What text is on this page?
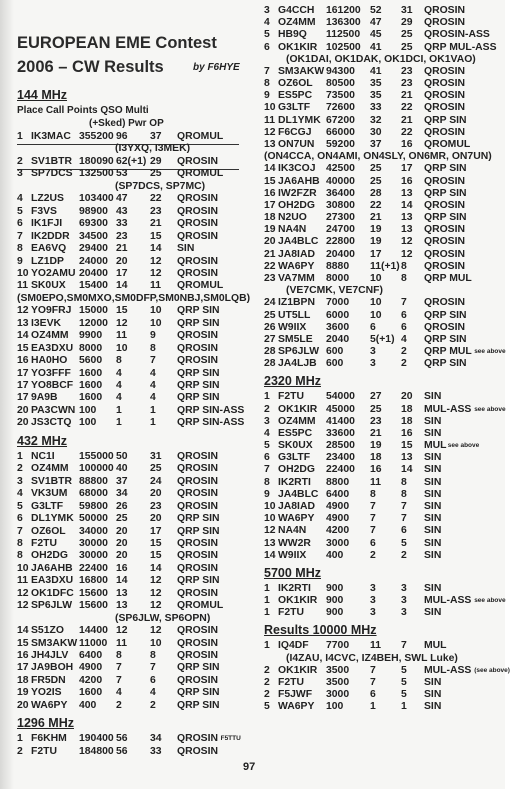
EUROPEAN EME Contest
2006 – CW Results	by F6HYE
144 MHz
Place Call Points QSO Multi
(+Sked) Pwr OP
1 IK3MAC 355200 96 37 QROMUL
(I3YXQ, I3MEK)
2 SV1BTR 180090 62(+1) 29 QROSIN
3 SP7DCS 132500 53 25 QROMUL
(SP7DCS, SP7MC)
4 LZ2US 103400 47 22 QROSIN
5 F3VS 98900 43 23 QROSIN
6 IK1FJI 69300 33 21 QROSIN
7 IK2DDR 34500 23 15 QROSIN
8 EA6VQ 29400 21 14 SIN
9 LZ1DP 24000 20 12 QROSIN
10 YO2AMU 20400 17 12 QROSIN
11 SK0UX 15400 14 11 QROMUL
(SM0EPO,SM0MXO,SM0DFP,SM0NBJ,SM0LQB)
12 YO9FRJ 15000 15 10 QRP SIN
13 I3EVK 12000 12 10 QRP SIN
14 OZ4MM 9900 11 9 QROSIN
15 EA3DXU 8000 10 8 QROSIN
16 HA0HO 5600 8	7 QROSIN
17 YO3FFF 1600 4	4 QRP SIN
17 YO8BCF 1600 4	4 QRP SIN
17 9A9B 1600 4	4 QRP SIN
20 PA3CWN 100 1	1 QRP SIN-ASS
20 JS3CTQ 100 1	1 QRP SIN-ASS
432 MHz
1 NC1I 155000 50 31 QROSIN
2 OZ4MM 100000 40 25 QROSIN
3 SV1BTR 88800 37 24 QROSIN
4 VK3UM 68000 34 20 QROSIN
5 G3LTF 59800 26 23 QROSIN
6 DL1YMK 50000 25 20 QRP SIN
7 OZ6OL 34000 20 17 QRP SIN
8 F2TU 30000 20 15 QROSIN
8 OH2DG 30000 20 15 QROSIN
10 JA6AHB 22400 16 14 QROSIN
11 EA3DXU 16800 14 12 QRP SIN
12 OK1DFC 15600 13 12 QROSIN
12 SP6JLW 15600 13 12 QROMUL
(SP6JLW, SP6OPN)
14 S51ZO 14400 12 12 QROSIN
15 SM3AKW 11000 11 10 QROSIN
16 JH4JLV 6400 8	8 QROSIN
17 JA9BOH 4900 7	7 QRP SIN
18 FR5DN 4200 7	6 QROSIN
19 YO2IS 1600 4	4 QRP SIN
20 WA6PY 400 2	2 QRP SIN
1296 MHz
1 F6KHM 190400 56 34 QROSIN F5TTU
2 F2TU 184800 56 33 QROSIN
3 G4CCH 161200 52 31 QROSIN
4 OZ4MM 136300 47 29 QROSIN
5 HB9Q 112500 45 25 QROSIN-ASS
6 OK1KIR 102500 41 25 QRP MUL-ASS
(OK1DAI, OK1DAK, OK1DCI, OK1VAO)
7 SM3AKW 94300 41 23 QROSIN
8 OZ6OL 80500 35 23 QROSIN
9 ES5PC 73500 35 21 QROSIN
10 G3LTF 72600 33 22 QROSIN
11 DL1YMK 67200 32 21 QRP SIN
12 F6CGJ 66000 30 22 QROSIN
13 ON7UN 59200 37 16 QROMUL
(ON4CCA, ON4AMI, ON4SLY, ON6MR, ON7UN)
14 IK3COJ 42500 25 17 QRP SIN
15 JA6AHB 40000 25 16 QROSIN
16 IW2FZR 36400 28 13 QRP SIN
17 OH2DG 30800 22 14 QROSIN
18 N2UO 27300 21 13 QRP SIN
19 NA4N 24700 19 13 QROSIN
20 JA4BLC 22800 19 12 QROSIN
21 JA8IAD 20400 17 12 QROSIN
22 WA6PY 8880 11(+1) 8 QROSIN
23 VA7MM 8000 10 8 QRP MUL
(VE7CMK, VE7CNF)
24 IZ1BPN 7000 10 7 QROSIN
25 UT5LL 6000 10 6 QRP SIN
26 W9IIX 3600 6 6 QROSIN
27 SM5LE 2040 5(+1) 4 QRP SIN
28 SP6JLW 600	3 2 QRP MUL see above
28 JA4LJB 600	3 2 QRP SIN
2320 MHz
1 F2TU 54000 27 20 SIN
2 OK1KIR 45000 25 18 MUL-ASS see above
3 OZ4MM 41400 23 18 SIN
4 ES5PC 33600 21 16 SIN
5 SK0UX 28500 19 15 MUL see above
6 G3LTF 23400 18 13 SIN
7 OH2DG 22400 16 14 SIN
8 IK2RTI 8800 11 8 SIN
9 JA4BLC 6400 8 8 SIN
10 JA8IAD 4900 7 7 SIN
10 WA6PY 4900 7 7 SIN
12 NA4N 4200 7 6 SIN
13 WW2R 3000 6 5 SIN
14 W9IIX 400	2 2 SIN
5700 MHz
1 IK2RTI 900	3 3 SIN
1 OK1KIR 900	3 3 MUL-ASS see above
1 F2TU 900	3 3 SIN
Results 10000 MHz
1 IQ4DF 7700 11 7 MUL
(I4ZAU, I4CVC, IZ4BEH, SWL Luke)
2 OK1KIR 3500 7 5 MUL-ASS (see above)
2 F2TU 3500 7 5 SIN
2 F5JWF 3000 6 5 SIN
5 WA6PY 100	1 1 SIN
97
